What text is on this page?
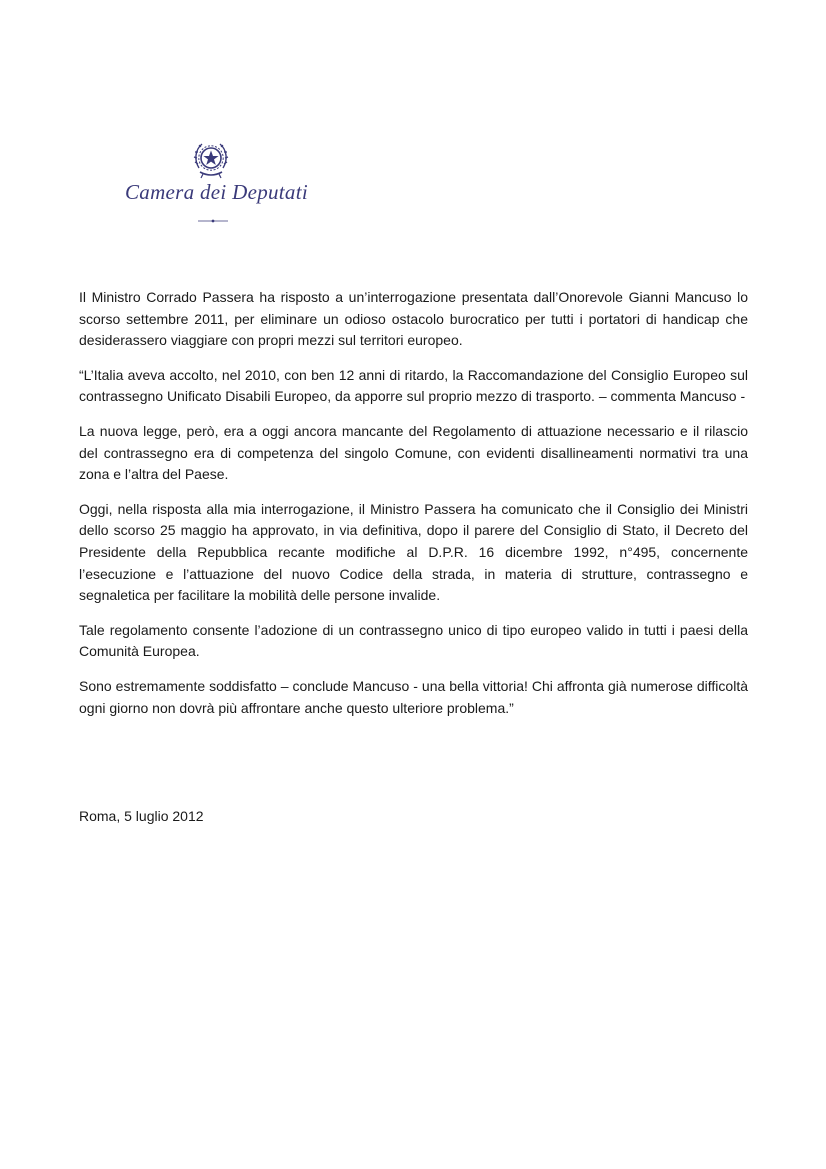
Camera dei Deputati

Il Ministro Corrado Passera ha risposto a un’interrogazione presentata dall’Onorevole Gianni Mancuso lo scorso settembre 2011, per eliminare un odioso ostacolo burocratico per tutti i portatori di handicap che desiderassero viaggiare con propri mezzi sul territori europeo.

“L’Italia aveva accolto, nel 2010, con ben 12 anni di ritardo, la Raccomandazione del Consiglio Europeo sul contrassegno Unificato Disabili Europeo, da apporre sul proprio mezzo di trasporto. – commenta Mancuso -

La nuova legge, però, era a oggi ancora mancante del Regolamento di attuazione necessario e il rilascio del contrassegno era di competenza del singolo Comune, con evidenti disallineamenti normativi tra una zona e l’altra del Paese.

Oggi, nella risposta alla mia interrogazione, il Ministro Passera ha comunicato che il Consiglio dei Ministri dello scorso 25 maggio ha approvato, in via definitiva, dopo il parere del Consiglio di Stato, il Decreto del Presidente della Repubblica recante modifiche al D.P.R. 16 dicembre 1992, n°495, concernente l’esecuzione e l’attuazione del nuovo Codice della strada, in materia di strutture, contrassegno e segnaletica per facilitare la mobilità delle persone invalide.

Tale regolamento consente l’adozione di un contrassegno unico di tipo europeo valido in tutti i paesi della Comunità Europea.

Sono estremamente soddisfatto – conclude Mancuso - una bella vittoria! Chi affronta già numerose difficoltà ogni giorno non dovrà più affrontare anche questo ulteriore problema.”

Roma, 5 luglio 2012
